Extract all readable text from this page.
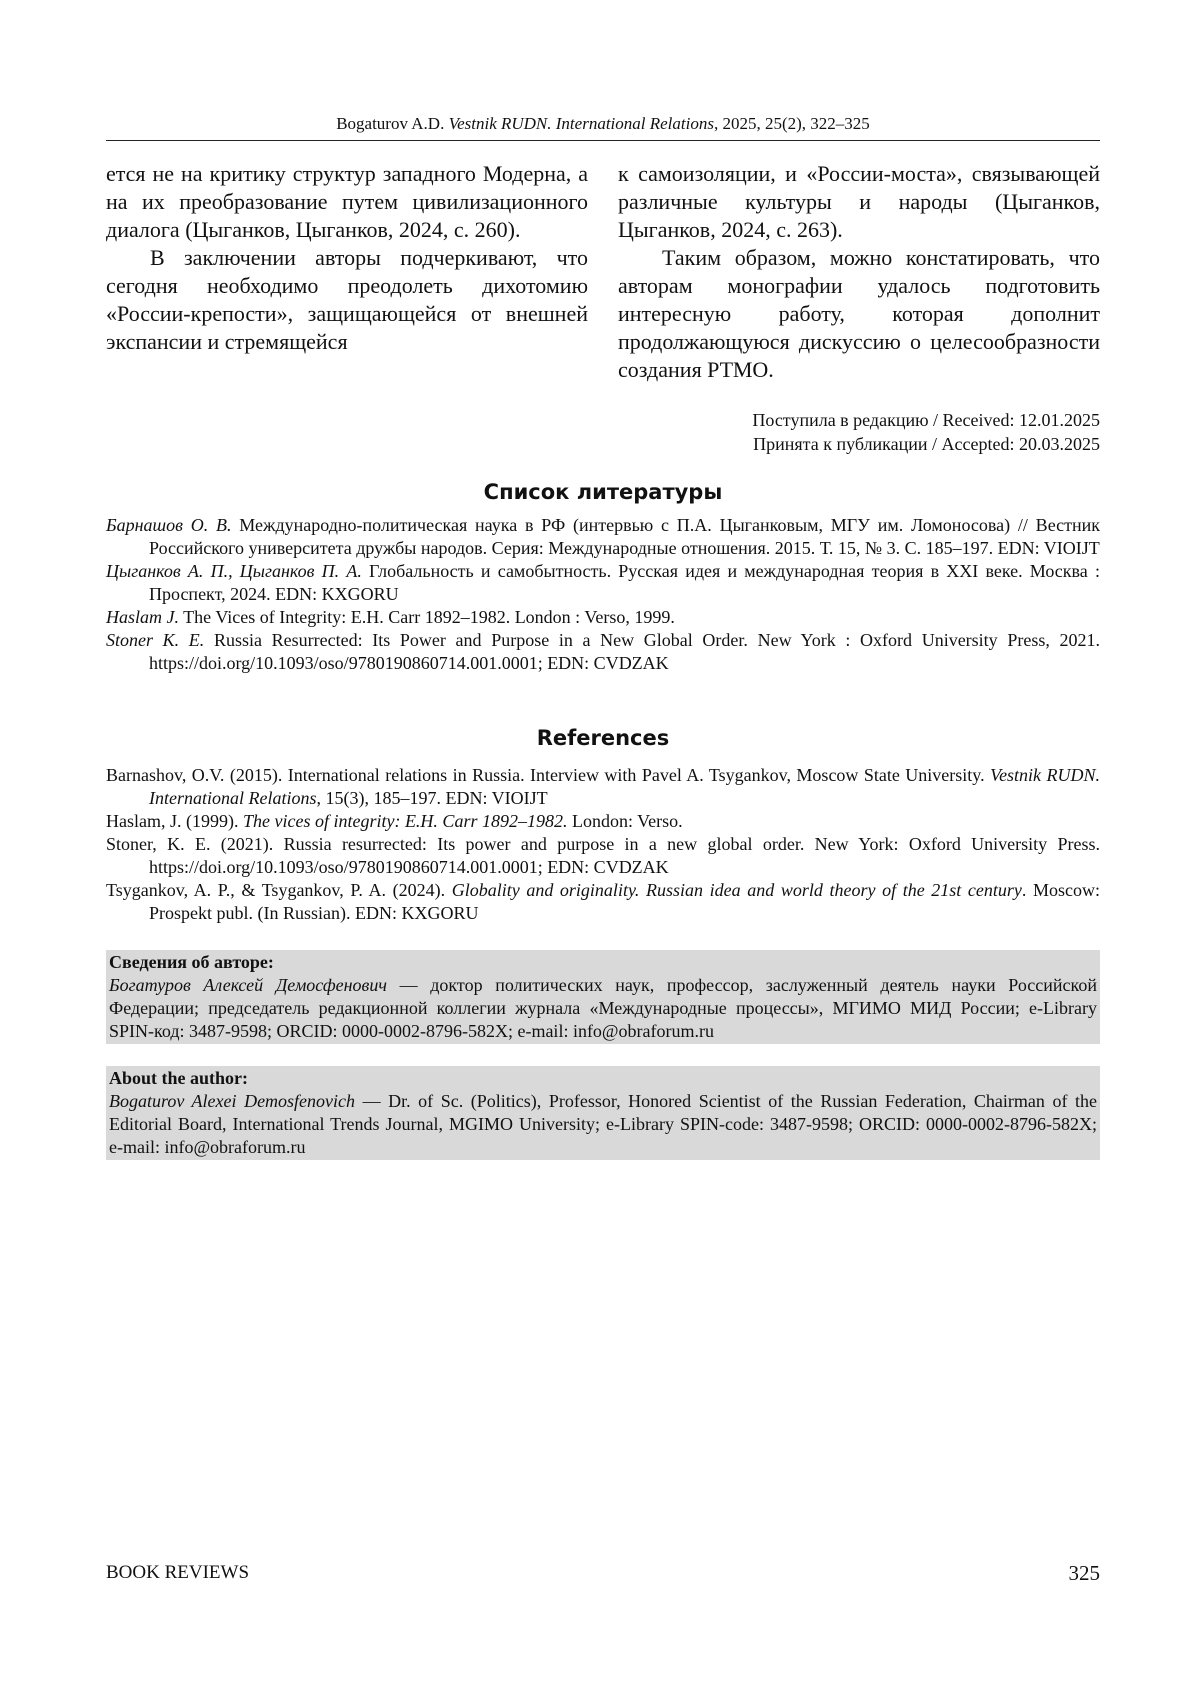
Bogaturov A.D. Vestnik RUDN. International Relations, 2025, 25(2), 322–325

ется не на критику структур западного Модерна, а на их преобразование путем цивилизационного диалога (Цыганков, Цыганков, 2024, с. 260).

В заключении авторы подчеркивают, что сегодня необходимо преодолеть дихотомию «России-крепости», защищающейся от внешней экспансии и стремящейся

к самоизоляции, и «России-моста», связывающей различные культуры и народы (Цыганков, Цыганков, 2024, с. 263).

Таким образом, можно констатировать, что авторам монографии удалось подготовить интересную работу, которая дополнит продолжающуюся дискуссию о целесообразности создания РТМО.

Поступила в редакцию / Received: 12.01.2025
Принята к публикации / Accepted: 20.03.2025
Список литературы
Барнашов О. В. Международно-политическая наука в РФ (интервью с П.А. Цыганковым, МГУ им. Ломоносова) // Вестник Российского университета дружбы народов. Серия: Международные отношения. 2015. Т. 15, № 3. С. 185–197. EDN: VIOIJT
Цыганков А. П., Цыганков П. А. Глобальность и самобытность. Русская идея и международная теория в XXI веке. Москва : Проспект, 2024. EDN: KXGORU
Haslam J. The Vices of Integrity: E.H. Carr 1892–1982. London : Verso, 1999.
Stoner K. E. Russia Resurrected: Its Power and Purpose in a New Global Order. New York : Oxford University Press, 2021. https://doi.org/10.1093/oso/9780190860714.001.0001; EDN: CVDZAK
References
Barnashov, O.V. (2015). International relations in Russia. Interview with Pavel A. Tsygankov, Moscow State University. Vestnik RUDN. International Relations, 15(3), 185–197. EDN: VIOIJT
Haslam, J. (1999). The vices of integrity: E.H. Carr 1892–1982. London: Verso.
Stoner, K. E. (2021). Russia resurrected: Its power and purpose in a new global order. New York: Oxford University Press. https://doi.org/10.1093/oso/9780190860714.001.0001; EDN: CVDZAK
Tsygankov, A. P., & Tsygankov, P. A. (2024). Globality and originality. Russian idea and world theory of the 21st century. Moscow: Prospekt publ. (In Russian). EDN: KXGORU
Сведения об авторе:
Богатуров Алексей Демосфенович — доктор политических наук, профессор, заслуженный деятель науки Российской Федерации; председатель редакционной коллегии журнала «Международные процессы», МГИМО МИД России; e-Library SPIN-код: 3487-9598; ORCID: 0000-0002-8796-582X; e-mail: info@obraforum.ru
About the author:
Bogaturov Alexei Demosfenovich — Dr. of Sc. (Politics), Professor, Honored Scientist of the Russian Federation, Chairman of the Editorial Board, International Trends Journal, MGIMO University; e-Library SPIN-code: 3487-9598; ORCID: 0000-0002-8796-582X; e-mail: info@obraforum.ru
BOOK REVIEWS	325
